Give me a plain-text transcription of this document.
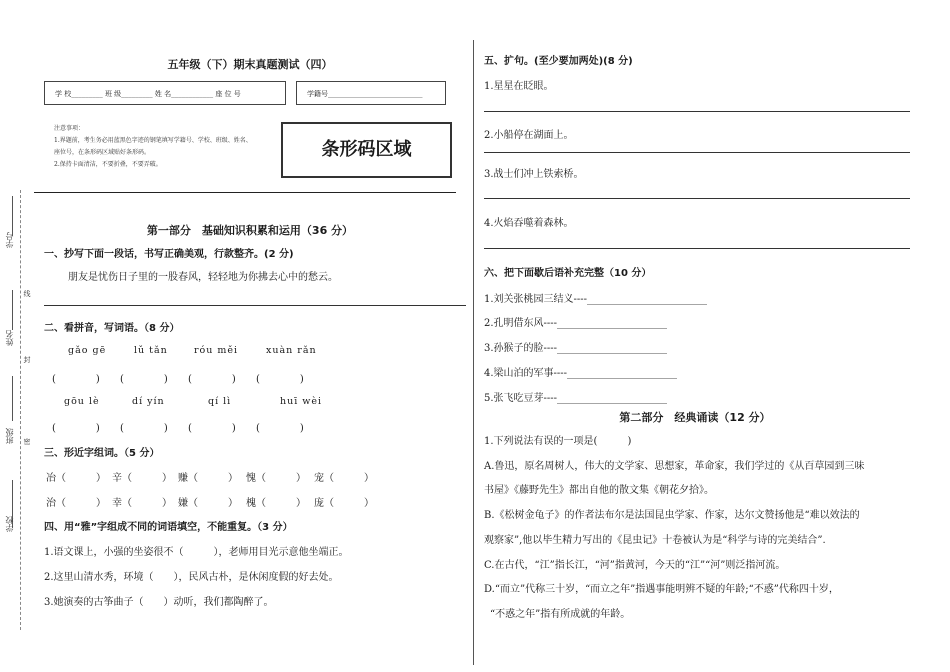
学号
姓名
班级
学校
线
封
密
五年级（下）期末真题测试（四）
学 校_________ 班 级_________ 姓 名____________ 座 位 号	学籍号___________________________
注意事项：
1.界题前，考生务必用蓝黑色字迹的钢笔填写学籍号、学校、班级、姓名、
座位号，在条形码区域贴好条形码。
2.保持卡面清洁，不要折叠，不要弄破。
条形码区域
第一部分　基础知识积累和运用（36 分）
一、抄写下面一段话，书写正确美观，行款整齐。(2 分)
朋友是忧伤日子里的一股春风，轻轻地为你拂去心中的愁云。
二、看拼音，写词语。（8 分）
gǎo gē	lǔ tǎn	róu měi	xuàn rǎn
(　　　　) (　　　　) (　　　　) (　　　　)
gōu lè	dí yín	qí lì	huī wèi
(　　　　) (　　　　) (　　　　) (　　　　)
三、形近字组词。（5 分）
冶（　　　） 辛（　　　） 赚（　　　） 愧（　　　） 宠（　　　）
治（　　　） 幸（　　　） 嫌（　　　） 槐（　　　） 庞（　　　）
四、用“雅”字组成不同的词语填空，不能重复。（3 分）
1.语文课上，小强的坐姿很不（　　　），老师用目光示意他坐端正。
2.这里山清水秀，环境（　　），民风古朴，是休闲度假的好去处。
3.她演奏的古筝曲子（　　）动听，我们都陶醉了。
五、扩句。(至少要加两处)(8 分)
1.星星在眨眼。
2.小船停在湖面上。
3.战士们冲上铁索桥。
4.火焰吞噬着森林。
六、把下面歇后语补充完整（10 分）
1.刘关张桃园三结义----________________________
2.孔明借东风----______________________
3.孙猴子的脸----______________________
4.梁山泊的军事----______________________
5.张飞吃豆芽----______________________
第二部分　经典诵读（12 分）
1.下列说法有误的一项是(　　　)
A.鲁迅，原名周树人，伟大的文学家、思想家，革命家，我们学过的《从百草园到三味
书屋》《藤野先生》都出自他的散文集《朝花夕拾》。
B.《松树金龟子》的作者法布尔是法国昆虫学家、作家，达尔文赞扬他是“难以效法的
观察家”,他以毕生精力写出的《昆虫记》十卷被认为是“科学与诗的完美结合”.
C.在古代，“江”指长江，“河”指黄河，今天的“江”“河”则泛指河流。
D.“而立”代称三十岁，“而立之年”指遇事能明辨不疑的年龄;“不惑”代称四十岁，
“不惑之年”指有所成就的年龄。
